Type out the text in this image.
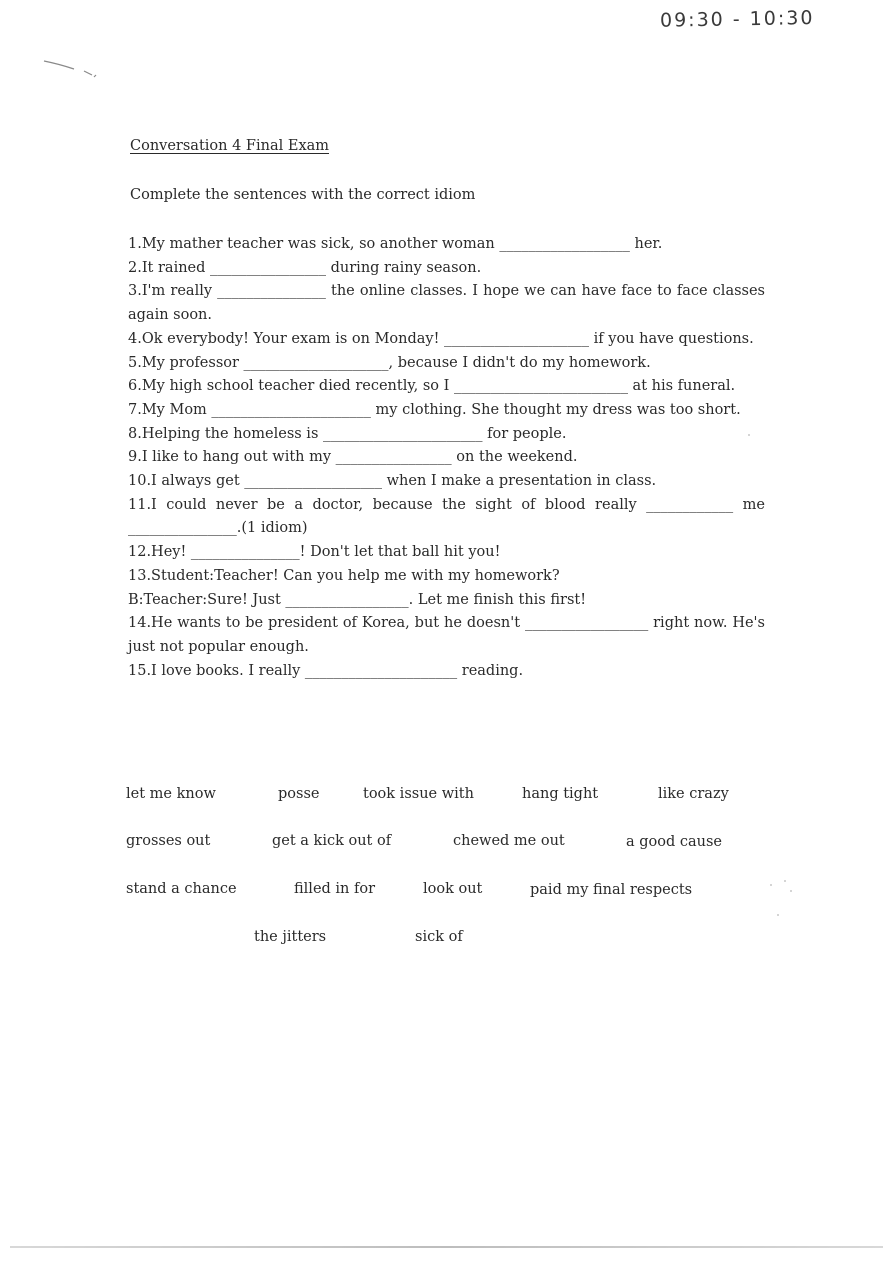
09:30 - 10:30
Conversation 4 Final Exam
Complete the sentences with the correct idiom
1.My mather teacher was sick, so another woman __________________ her.
2.It rained ________________ during rainy season.
3.I'm really _______________ the online classes. I hope we can have face to face classes again soon.
4.Ok everybody! Your exam is on Monday! ____________________ if you have questions.
5.My professor ____________________, because I didn't do my homework.
6.My high school teacher died recently, so I ________________________ at his funeral.
7.My Mom ______________________ my clothing. She thought my dress was too short.
8.Helping the homeless is ______________________ for people.
9.I like to hang out with my ________________ on the weekend.
10.I always get ___________________ when I make a presentation in class.
11.I could never be a doctor, because the sight of blood really ____________ me _______________.(1 idiom)
12.Hey! _______________! Don't let that ball hit you!
13.Student:Teacher! Can you help me with my homework?
B:Teacher:Sure! Just _________________. Let me finish this first!
14.He wants to be president of Korea, but he doesn't _________________ right now. He's just not popular enough.
15.I love books. I really _____________________ reading.
let me know	posse	took issue with	hang tight	like crazy
grosses out	get a kick out of	chewed me out	a good cause
stand a chance	filled in for	look out	paid my final respects
the jitters	sick of
